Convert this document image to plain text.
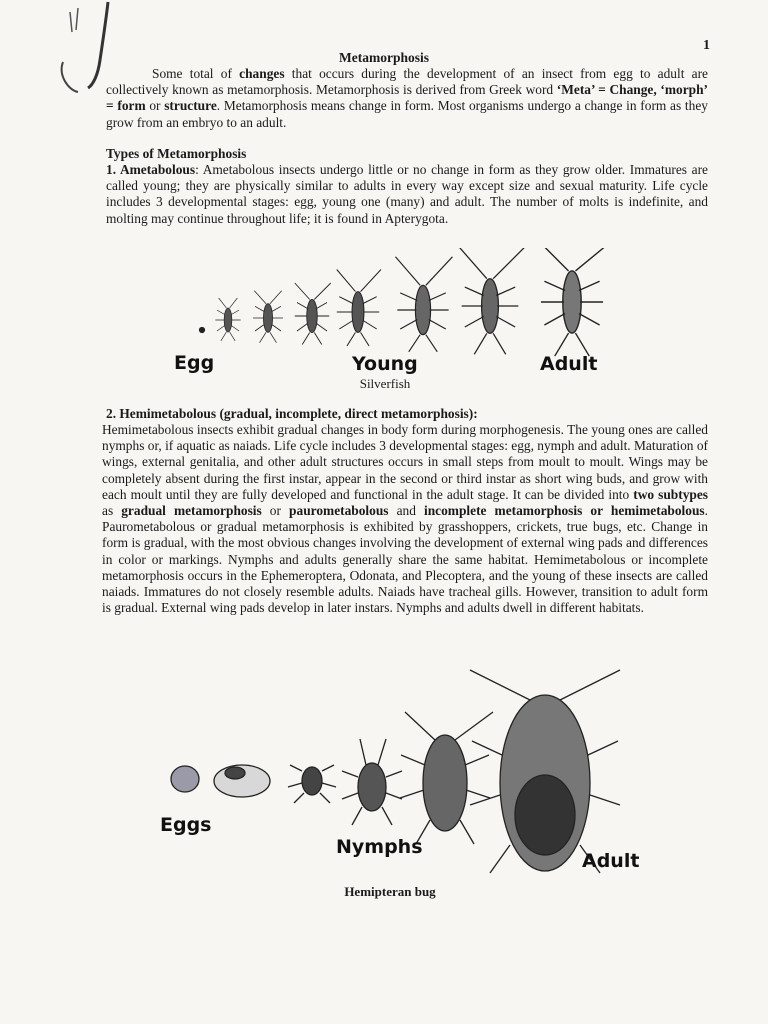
1
Metamorphosis

Some total of changes that occurs during the development of an insect from egg to adult are collectively known as metamorphosis. Metamorphosis is derived from Greek word ‘Meta’ = Change, ‘morph’ = form or structure. Metamorphosis means change in form. Most organisms undergo a change in form as they grow from an embryo to an adult.

Types of Metamorphosis

1. Ametabolous: Ametabolous insects undergo little or no change in form as they grow older. Immatures are called young; they are physically similar to adults in every way except size and sexual maturity. Life cycle includes 3 developmental stages: egg, young one (many) and adult. The number of molts is indefinite, and molting may continue throughout life; it is found in Apterygota.

Egg	Young	Adult
Silverfish
2. Hemimetabolous (gradual, incomplete, direct metamorphosis):

Hemimetabolous insects exhibit gradual changes in body form during morphogenesis. The young ones are called nymphs or, if aquatic as naiads. Life cycle includes 3 developmental stages: egg, nymph and adult. Maturation of wings, external genitalia, and other adult structures occurs in small steps from moult to moult. Wings may be completely absent during the first instar, appear in the second or third instar as short wing buds, and grow with each moult until they are fully developed and functional in the adult stage. It can be divided into two subtypes as gradual metamorphosis or paurometabolous and incomplete metamorphosis or hemimetabolous. Paurometabolous or gradual metamorphosis is exhibited by grasshoppers, crickets, true bugs, etc. Change in form is gradual, with the most obvious changes involving the development of external wing pads and differences in color or markings. Nymphs and adults generally share the same habitat. Hemimetabolous or incomplete metamorphosis occurs in the Ephemeroptera, Odonata, and Plecoptera, and the young of these insects are called naiads. Immatures do not closely resemble adults. Naiads have tracheal gills. However, transition to adult form is gradual. External wing pads develop in later instars. Nymphs and adults dwell in different habitats.

Eggs
Nymphs
Adult
Hemipteran bug
